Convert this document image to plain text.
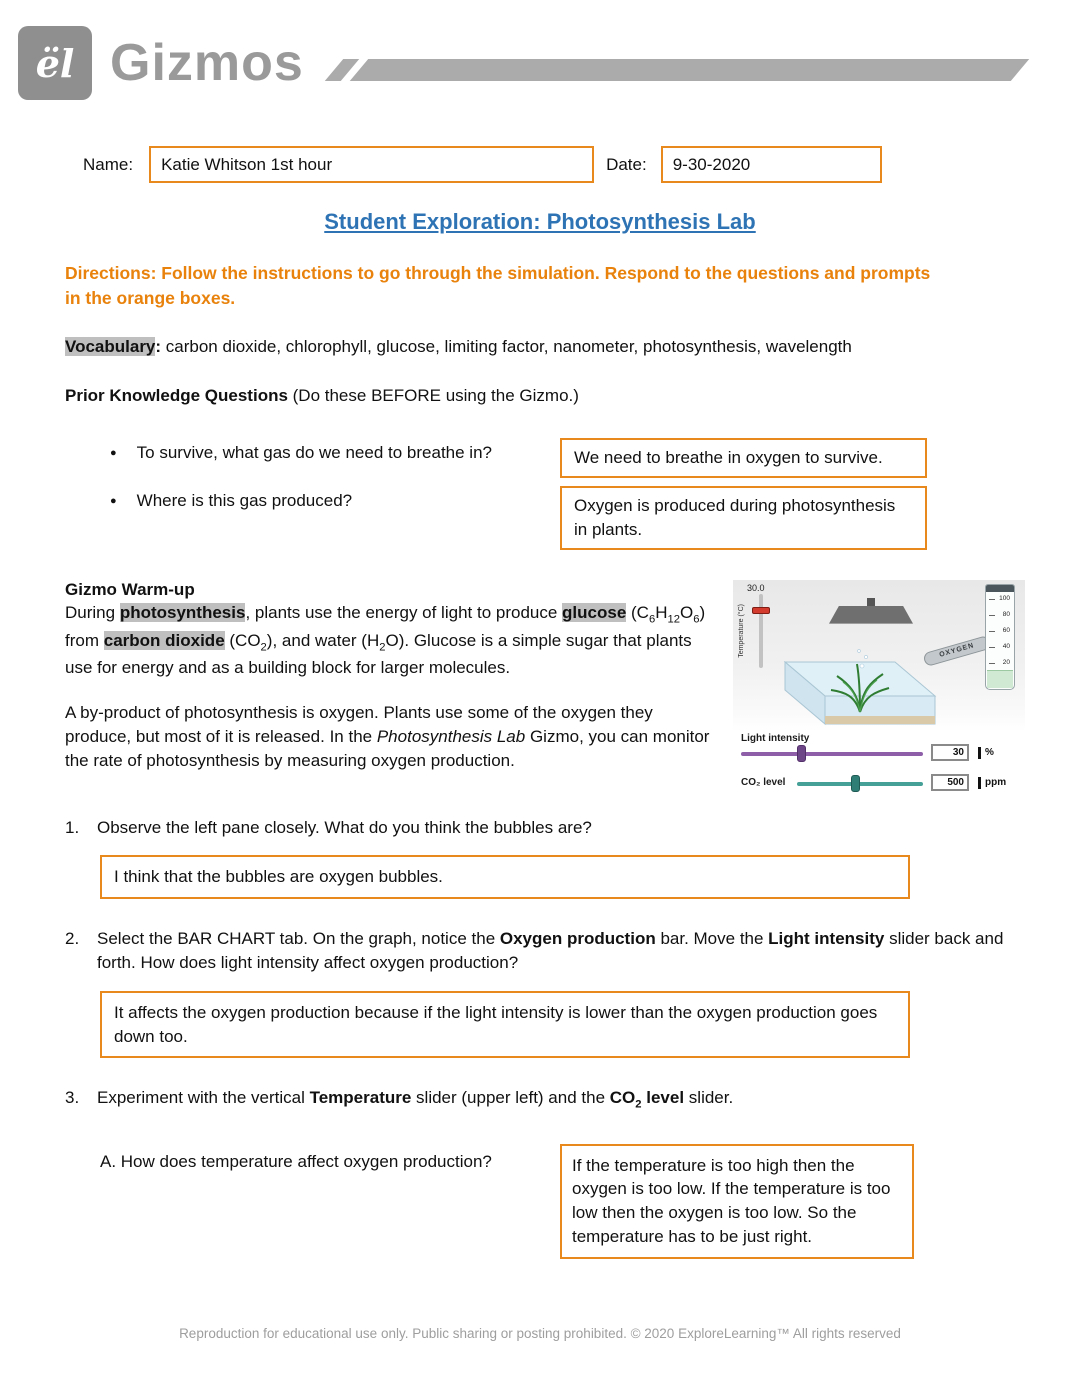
ël Gizmos
Name:	Katie Whitson 1st hour	Date:	9-30-2020
Student Exploration: Photosynthesis Lab
Directions: Follow the instructions to go through the simulation. Respond to the questions and prompts in the orange boxes.
Vocabulary: carbon dioxide, chlorophyll, glucose, limiting factor, nanometer, photosynthesis, wavelength
Prior Knowledge Questions (Do these BEFORE using the Gizmo.)
● To survive, what gas do we need to breathe in?	We need to breathe in oxygen to survive.
● Where is this gas produced?	Oxygen is produced during photosynthesis in plants.
30.0
Temperature (°C)	OXYGEN
100
80
60
40
20
Light intensity
30	%
CO₂ level	500	ppm
Gizmo Warm-up

During photosynthesis, plants use the energy of light to produce glucose $(C_6H_{12}O_6)$ from carbon dioxide $(CO_2)$, and water $(H_2O)$. Glucose is a simple sugar that plants use for energy and as a building block for larger molecules.

A by-product of photosynthesis is oxygen. Plants use some of the oxygen they produce, but most of it is released. In the Photosynthesis Lab Gizmo, you can monitor the rate of photosynthesis by measuring oxygen production.

1.	Observe the left pane closely. What do you think the bubbles are?
I think that the bubbles are oxygen bubbles.
2.	Select the BAR CHART tab. On the graph, notice the Oxygen production bar. Move the Light intensity slider back and forth. How does light intensity affect oxygen production?
It affects the oxygen production because if the light intensity is lower than the oxygen production goes down too.
3.	Experiment with the vertical Temperature slider (upper left) and the $CO_2$ level slider.
A. How does temperature affect oxygen production?	If the temperature is too high then the oxygen is too low. If the temperature is too low then the oxygen is too low. So the temperature has to be just right.
Reproduction for educational use only. Public sharing or posting prohibited. © 2020 ExploreLearning™ All rights reserved
